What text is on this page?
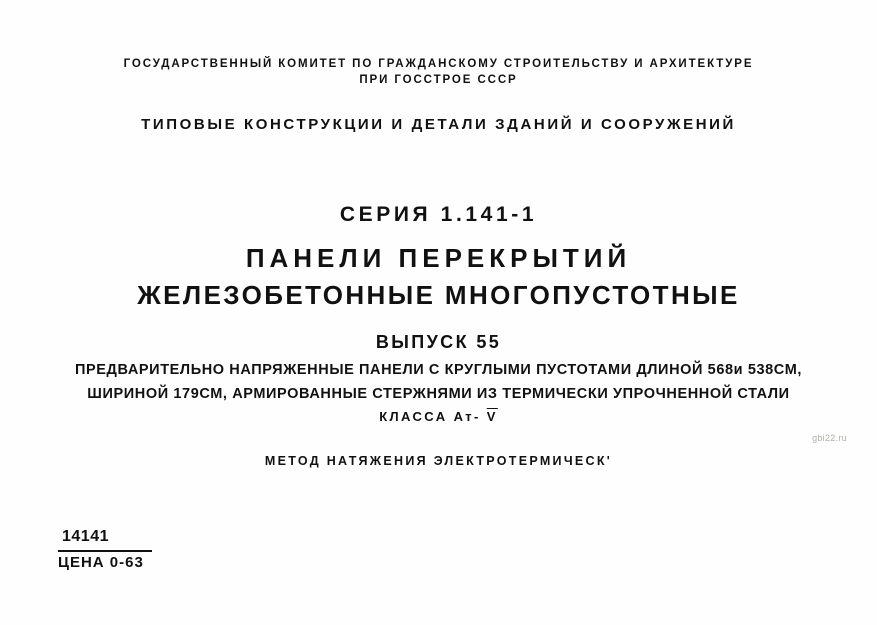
ГОСУДАРСТВЕННЫЙ КОМИТЕТ ПО ГРАЖДАНСКОМУ СТРОИТЕЛЬСТВУ И АРХИТЕКТУРЕ
ПРИ ГОССТРОЕ СССР
ТИПОВЫЕ КОНСТРУКЦИИ И ДЕТАЛИ ЗДАНИЙ И СООРУЖЕНИЙ
СЕРИЯ 1.141-1
ПАНЕЛИ ПЕРЕКРЫТИЙ
ЖЕЛЕЗОБЕТОННЫЕ МНОГОПУСТОТНЫЕ
ВЫПУСК 55
ПРЕДВАРИТЕЛЬНО НАПРЯЖЕННЫЕ ПАНЕЛИ С КРУГЛЫМИ ПУСТОТАМИ ДЛИНОЙ 568и 538СМ,
ШИРИНОЙ 179СМ, АРМИРОВАННЫЕ СТЕРЖНЯМИ ИЗ ТЕРМИЧЕСКИ УПРОЧНЕННОЙ СТАЛИ
КЛАССА Ат- $\overline{V}$
МЕТОД НАТЯЖЕНИЯ ЭЛЕКТРОТЕРМИЧЕСК'
gbi22.ru
14141
ЦЕНА 0-63
